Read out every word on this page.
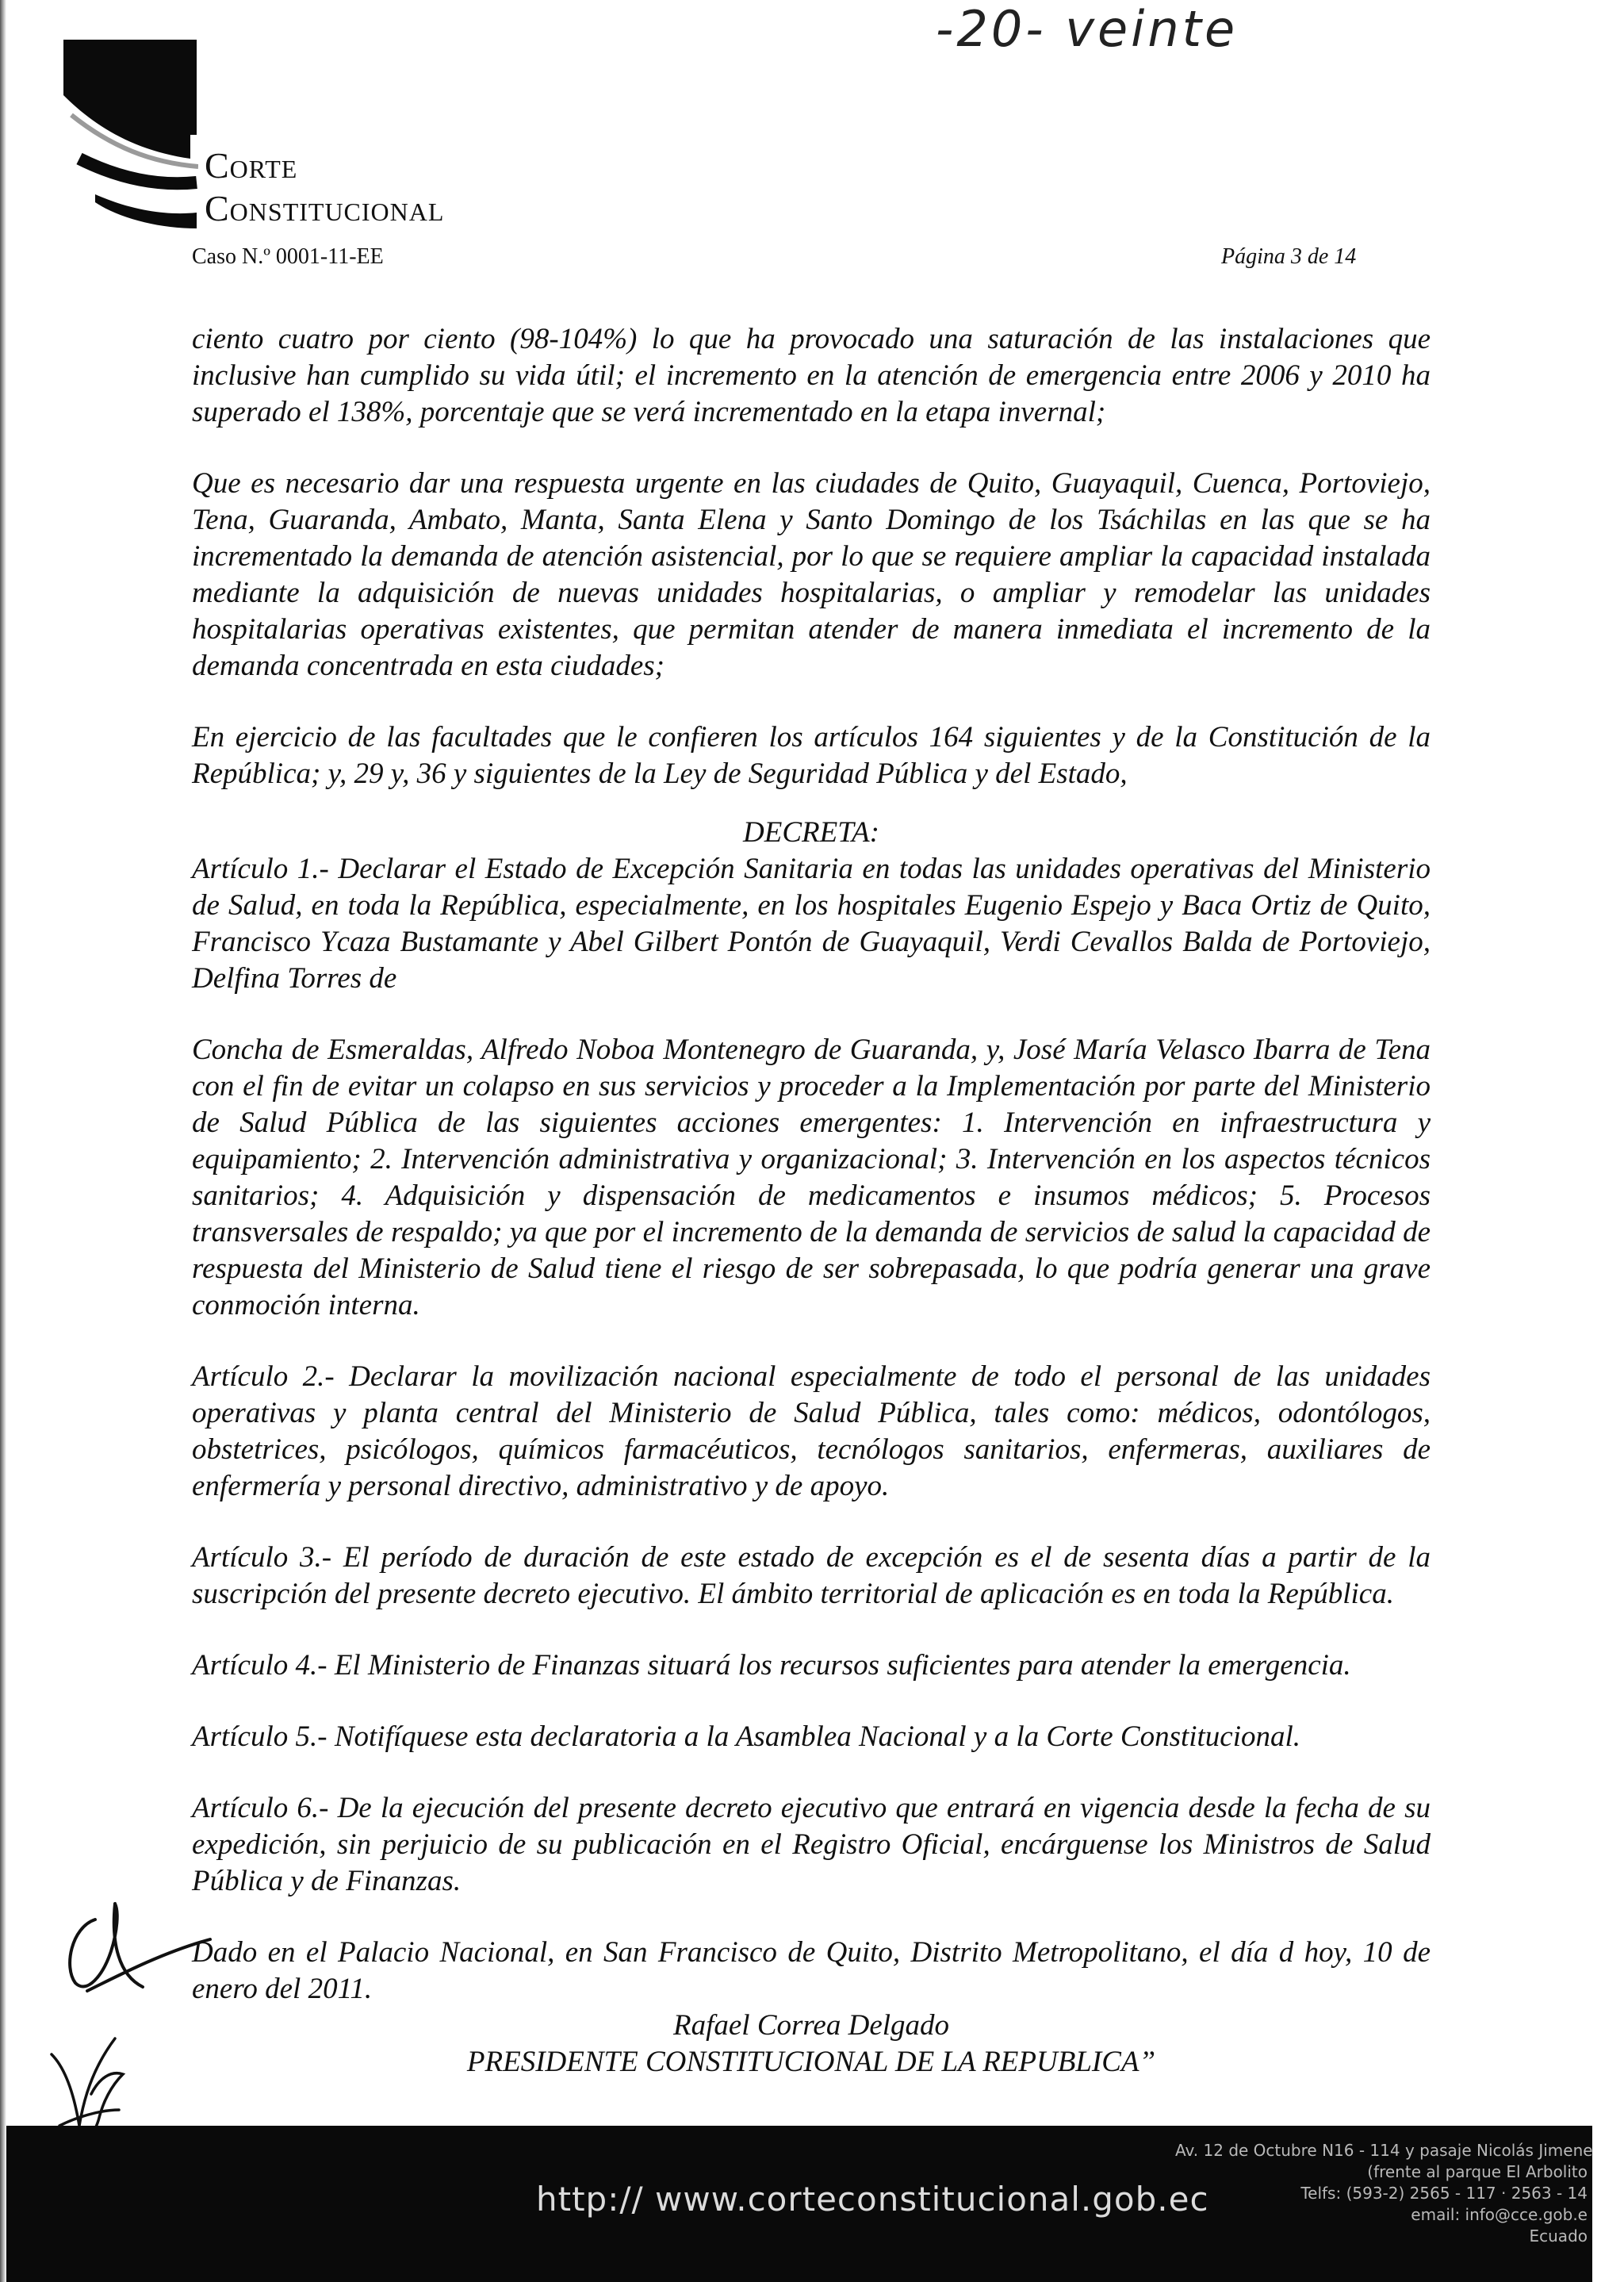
-20- veinte
Corte
Constitucional
Caso N.º 0001-11-EE	Página 3 de 14

ciento cuatro por ciento (98-104%) lo que ha provocado una saturación de las instalaciones que inclusive han cumplido su vida útil; el incremento en la atención de emergencia entre 2006 y 2010 ha superado el 138%, porcentaje que se verá incrementado en la etapa invernal;

Que es necesario dar una respuesta urgente en las ciudades de Quito, Guayaquil, Cuenca, Portoviejo, Tena, Guaranda, Ambato, Manta, Santa Elena y Santo Domingo de los Tsáchilas en las que se ha incrementado la demanda de atención asistencial, por lo que se requiere ampliar la capacidad instalada mediante la adquisición de nuevas unidades hospitalarias, o ampliar y remodelar las unidades hospitalarias operativas existentes, que permitan atender de manera inmediata el incremento de la demanda concentrada en esta ciudades;

En ejercicio de las facultades que le confieren los artículos 164 siguientes y de la Constitución de la República; y, 29 y, 36 y siguientes de la Ley de Seguridad Pública y del Estado,

DECRETA:

Artículo 1.- Declarar el Estado de Excepción Sanitaria en todas las unidades operativas del Ministerio de Salud, en toda la República, especialmente, en los hospitales Eugenio Espejo y Baca Ortiz de Quito, Francisco Ycaza Bustamante y Abel Gilbert Pontón de Guayaquil, Verdi Cevallos Balda de Portoviejo, Delfina Torres de

Concha de Esmeraldas, Alfredo Noboa Montenegro de Guaranda, y, José María Velasco Ibarra de Tena con el fin de evitar un colapso en sus servicios y proceder a la Implementación por parte del Ministerio de Salud Pública de las siguientes acciones emergentes: 1. Intervención en infraestructura y equipamiento; 2. Intervención administrativa y organizacional; 3. Intervención en los aspectos técnicos sanitarios; 4. Adquisición y dispensación de medicamentos e insumos médicos; 5. Procesos transversales de respaldo; ya que por el incremento de la demanda de servicios de salud la capacidad de respuesta del Ministerio de Salud tiene el riesgo de ser sobrepasada, lo que podría generar una grave conmoción interna.

Artículo 2.- Declarar la movilización nacional especialmente de todo el personal de las unidades operativas y planta central del Ministerio de Salud Pública, tales como: médicos, odontólogos, obstetrices, psicólogos, químicos farmacéuticos, tecnólogos sanitarios, enfermeras, auxiliares de enfermería y personal directivo, administrativo y de apoyo.

Artículo 3.- El período de duración de este estado de excepción es el de sesenta días a partir de la suscripción del presente decreto ejecutivo. El ámbito territorial de aplicación es en toda la República.

Artículo 4.- El Ministerio de Finanzas situará los recursos suficientes para atender la emergencia.

Artículo 5.- Notifíquese esta declaratoria a la Asamblea Nacional y a la Corte Constitucional.

Artículo 6.- De la ejecución del presente decreto ejecutivo que entrará en vigencia desde la fecha de su expedición, sin perjuicio de su publicación en el Registro Oficial, encárguense los Ministros de Salud Pública y de Finanzas.

Dado en el Palacio Nacional, en San Francisco de Quito, Distrito Metropolitano, el día d hoy, 10 de enero del 2011.

Rafael Correa Delgado

PRESIDENTE CONSTITUCIONAL DE LA REPUBLICA”

http:// www.corteconstitucional.gob.ec
Av. 12 de Octubre N16 - 114 y pasaje Nicolás Jimene
(frente al parque El Arbolito
Telfs: (593-2) 2565 - 117 · 2563 - 14
email: info@cce.gob.e
Ecuado
